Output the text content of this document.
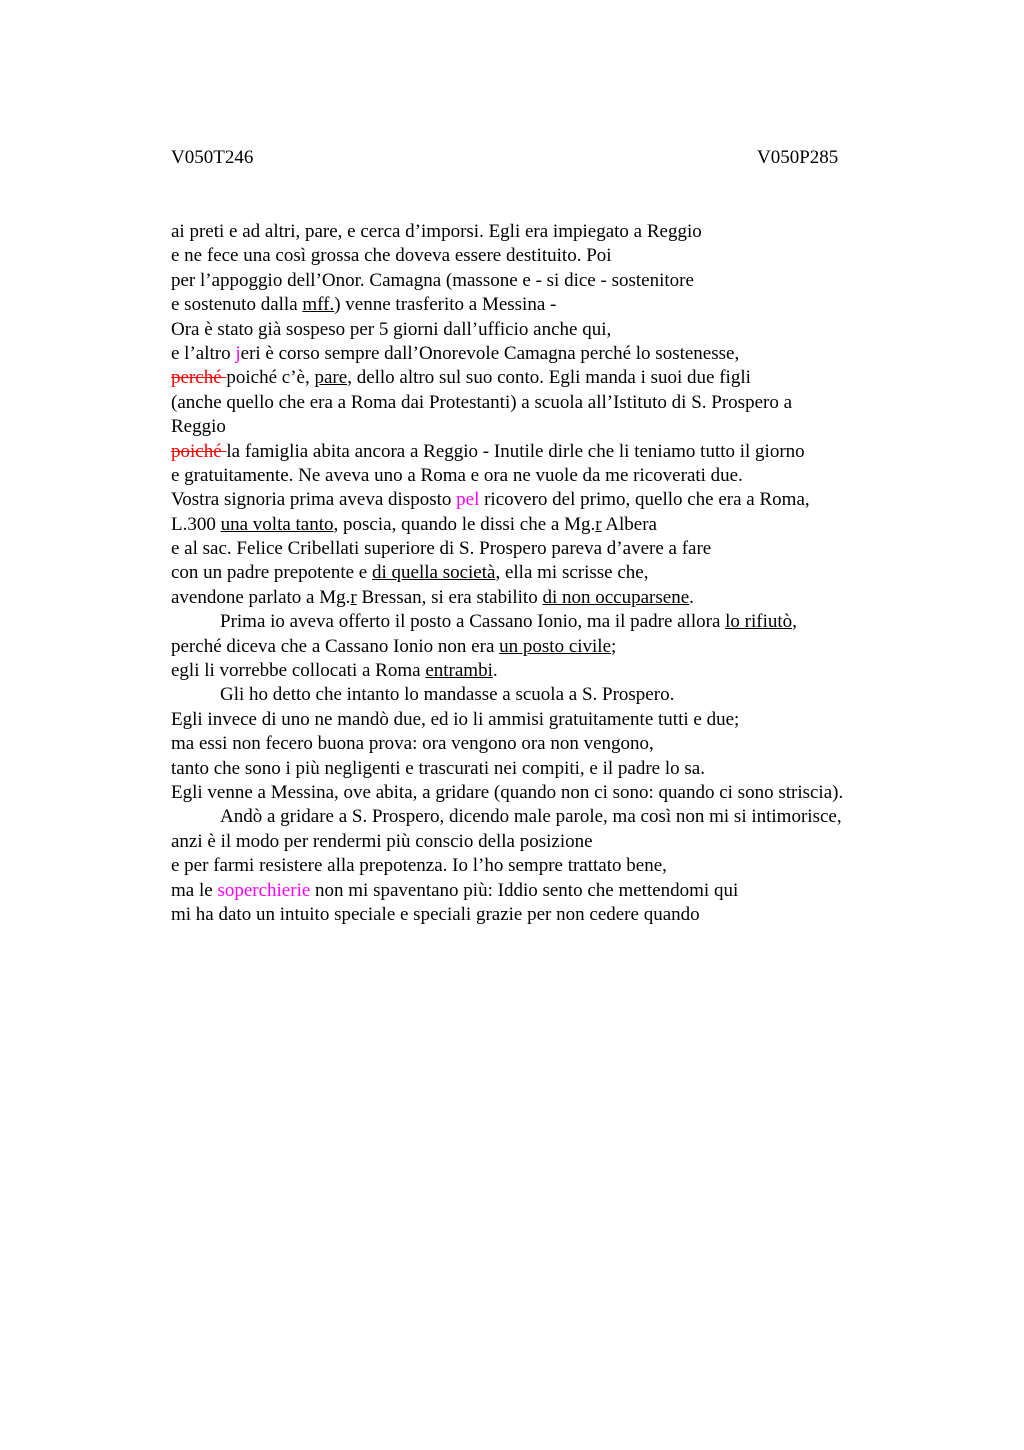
V050T246	V050P285
ai preti e ad altri, pare, e cerca d’imporsi. Egli era impiegato a Reggio
e ne fece una così grossa che doveva essere destituito. Poi
per l’appoggio dell’Onor. Camagna (massone e - si dice - sostenitore
e sostenuto dalla mff.) venne trasferito a Messina -
Ora è stato già sospeso per 5 giorni dall’ufficio anche qui,
e l’altro jeri è corso sempre dall’Onorevole Camagna perché lo sostenesse,
perché poiché c’è, pare, dello altro sul suo conto. Egli manda i suoi due figli
(anche quello che era a Roma dai Protestanti) a scuola all’Istituto di S. Prospero a
Reggio
poiché la famiglia abita ancora a Reggio - Inutile dirle che li teniamo tutto il giorno
e gratuitamente. Ne aveva uno a Roma e ora ne vuole da me ricoverati due.
Vostra signoria prima aveva disposto pel ricovero del primo, quello che era a Roma,
L.300 una volta tanto, poscia, quando le dissi che a Mg.r Albera
e al sac. Felice Cribellati superiore di S. Prospero pareva d’avere a fare
con un padre prepotente e di quella società, ella mi scrisse che,
avendone parlato a Mg.r Bressan, si era stabilito di non occuparsene.
Prima io aveva offerto il posto a Cassano Ionio, ma il padre allora lo rifiutò,
perché diceva che a Cassano Ionio non era un posto civile;
egli li vorrebbe collocati a Roma entrambi.
Gli ho detto che intanto lo mandasse a scuola a S. Prospero.
Egli invece di uno ne mandò due, ed io li ammisi gratuitamente tutti e due;
ma essi non fecero buona prova: ora vengono ora non vengono,
tanto che sono i più negligenti e trascurati nei compiti, e il padre lo sa.
Egli venne a Messina, ove abita, a gridare (quando non ci sono: quando ci sono striscia).
Andò a gridare a S. Prospero, dicendo male parole, ma così non mi si intimorisce,
anzi è il modo per rendermi più conscio della posizione
e per farmi resistere alla prepotenza. Io l’ho sempre trattato bene,
ma le soperchierie non mi spaventano più: Iddio sento che mettendomi qui
mi ha dato un intuito speciale e speciali grazie per non cedere quando
